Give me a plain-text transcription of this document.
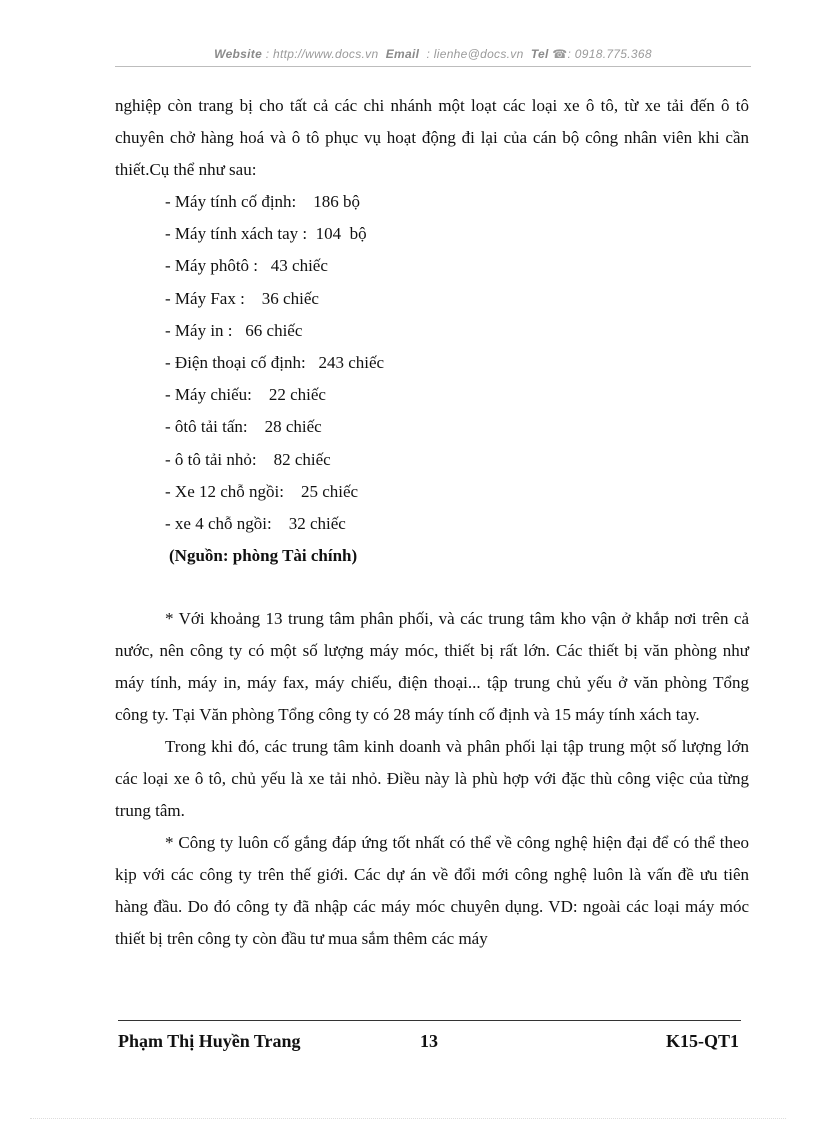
Website : http://www.docs.vn Email : lienhe@docs.vn Tel ☎: 0918.775.368

nghiệp còn trang bị cho tất cả các chi nhánh một loạt các loại xe ô tô, từ xe tải đến ô tô chuyên chở hàng hoá và ô tô phục vụ hoạt động đi lại của cán bộ công nhân viên khi cần thiết.Cụ thể như sau:

- Máy tính cố định:    186 bộ
- Máy tính xách tay :  104  bộ
- Máy phôtô :   43 chiếc
- Máy Fax :    36 chiếc
- Máy in :   66 chiếc
- Điện thoại cố định:   243 chiếc
- Máy chiếu:    22 chiếc
- ôtô tải tấn:    28 chiếc
- ô tô tải nhỏ:    82 chiếc
- Xe 12 chỗ ngồi:    25 chiếc
- xe 4 chỗ ngồi:    32 chiếc

(Nguồn: phòng Tài chính)

* Với khoảng 13 trung tâm phân phối, và các trung tâm kho vận ở khắp nơi trên cả nước, nên công ty có một số lượng máy móc, thiết bị rất lớn. Các thiết bị văn phòng như máy tính, máy in, máy fax, máy chiếu, điện thoại... tập trung chủ yếu ở văn phòng Tổng công ty. Tại Văn phòng Tổng công ty có 28 máy tính cố định và 15 máy tính xách tay.

Trong khi đó, các trung tâm kinh doanh và phân phối lại tập trung một số lượng lớn các loại xe ô tô, chủ yếu là xe tải nhỏ. Điều này là phù hợp với đặc thù công việc của từng trung tâm.

* Công ty luôn cố gắng đáp ứng tốt nhất có thể về công nghệ hiện đại để có thể theo kịp với các công ty trên thế giới. Các dự án về đổi mới công nghệ luôn là vấn đề ưu tiên hàng đầu. Do đó công ty đã nhập các máy móc chuyên dụng. VD: ngoài các loại máy móc thiết bị trên công ty còn đầu tư mua sắm thêm các máy

Phạm Thị Huyền Trang	13	K15-QT1
